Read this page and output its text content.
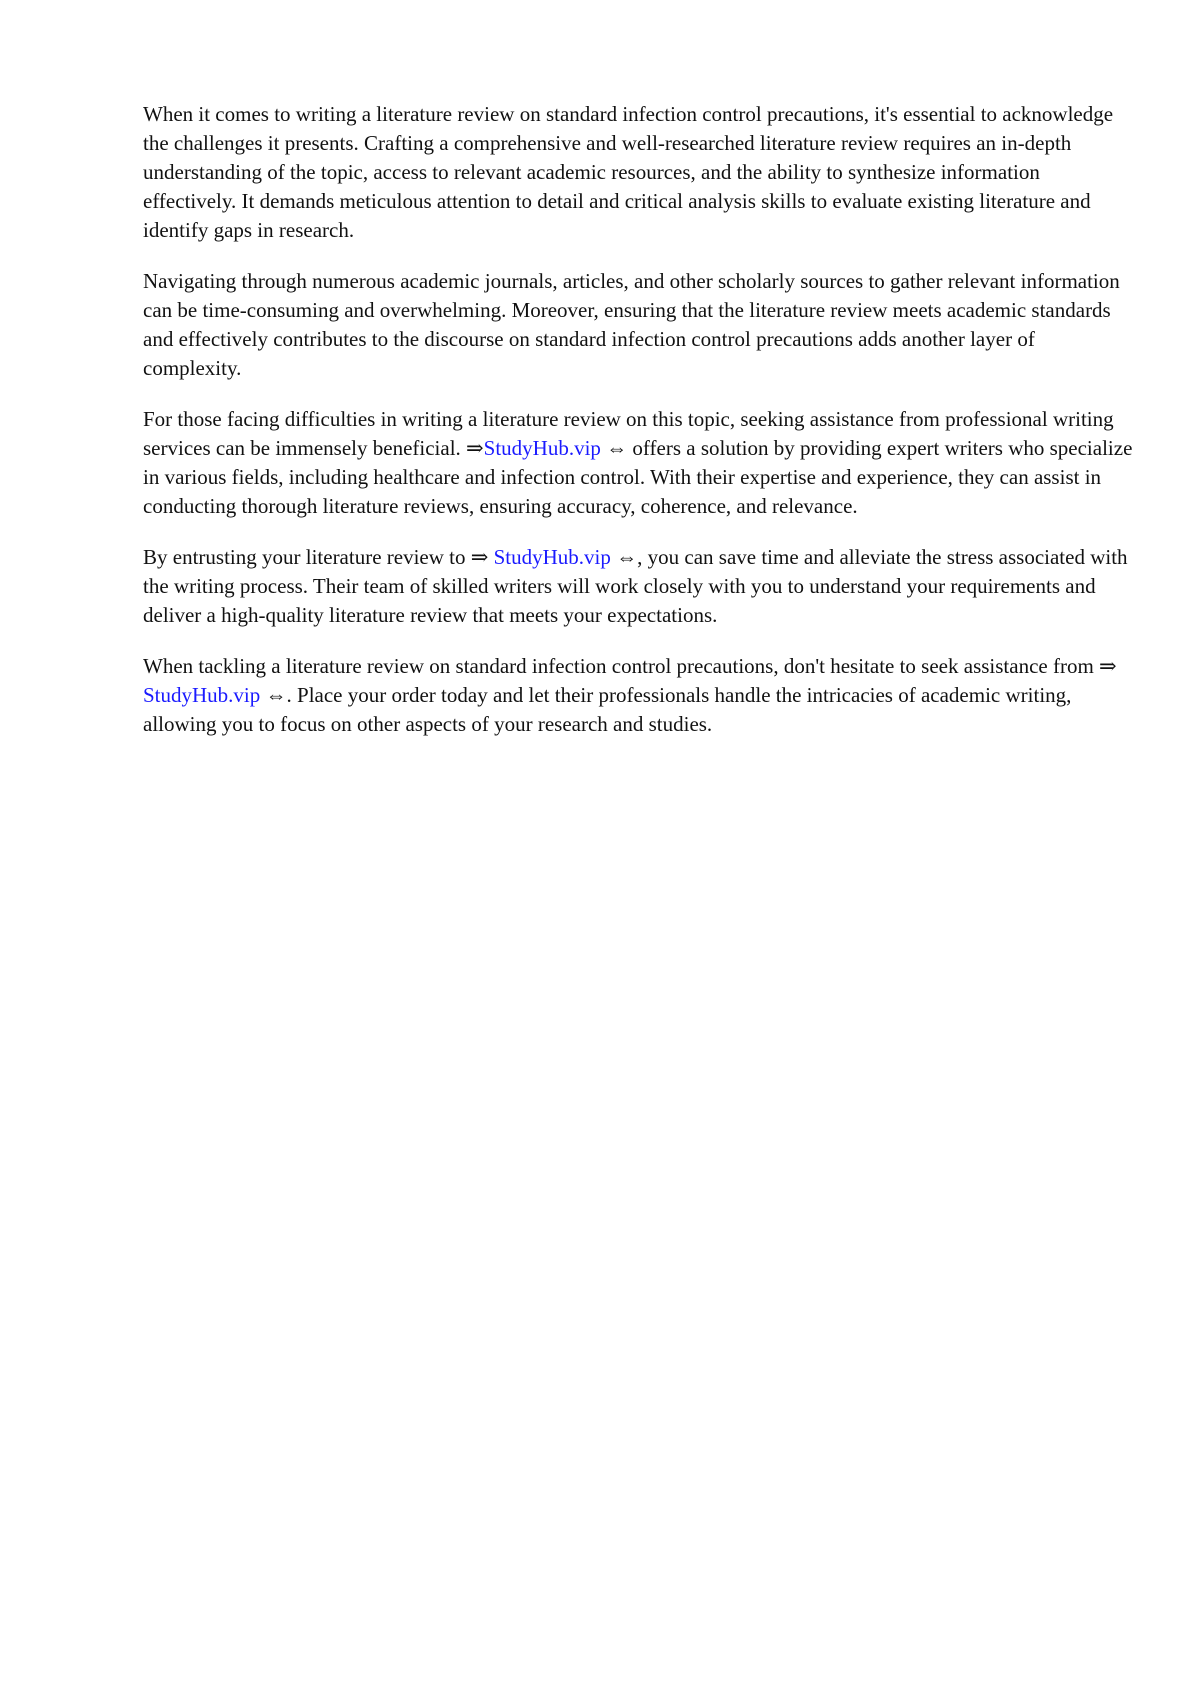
When it comes to writing a literature review on standard infection control precautions, it's essential to acknowledge the challenges it presents. Crafting a comprehensive and well-researched literature review requires an in-depth understanding of the topic, access to relevant academic resources, and the ability to synthesize information effectively. It demands meticulous attention to detail and critical analysis skills to evaluate existing literature and identify gaps in research.

Navigating through numerous academic journals, articles, and other scholarly sources to gather relevant information can be time-consuming and overwhelming. Moreover, ensuring that the literature review meets academic standards and effectively contributes to the discourse on standard infection control precautions adds another layer of complexity.

For those facing difficulties in writing a literature review on this topic, seeking assistance from professional writing services can be immensely beneficial. ⇒StudyHub.vip ⇔ offers a solution by providing expert writers who specialize in various fields, including healthcare and infection control. With their expertise and experience, they can assist in conducting thorough literature reviews, ensuring accuracy, coherence, and relevance.

By entrusting your literature review to ⇒ StudyHub.vip ⇔, you can save time and alleviate the stress associated with the writing process. Their team of skilled writers will work closely with you to understand your requirements and deliver a high-quality literature review that meets your expectations.

When tackling a literature review on standard infection control precautions, don't hesitate to seek assistance from ⇒ StudyHub.vip ⇔. Place your order today and let their professionals handle the intricacies of academic writing, allowing you to focus on other aspects of your research and studies.
